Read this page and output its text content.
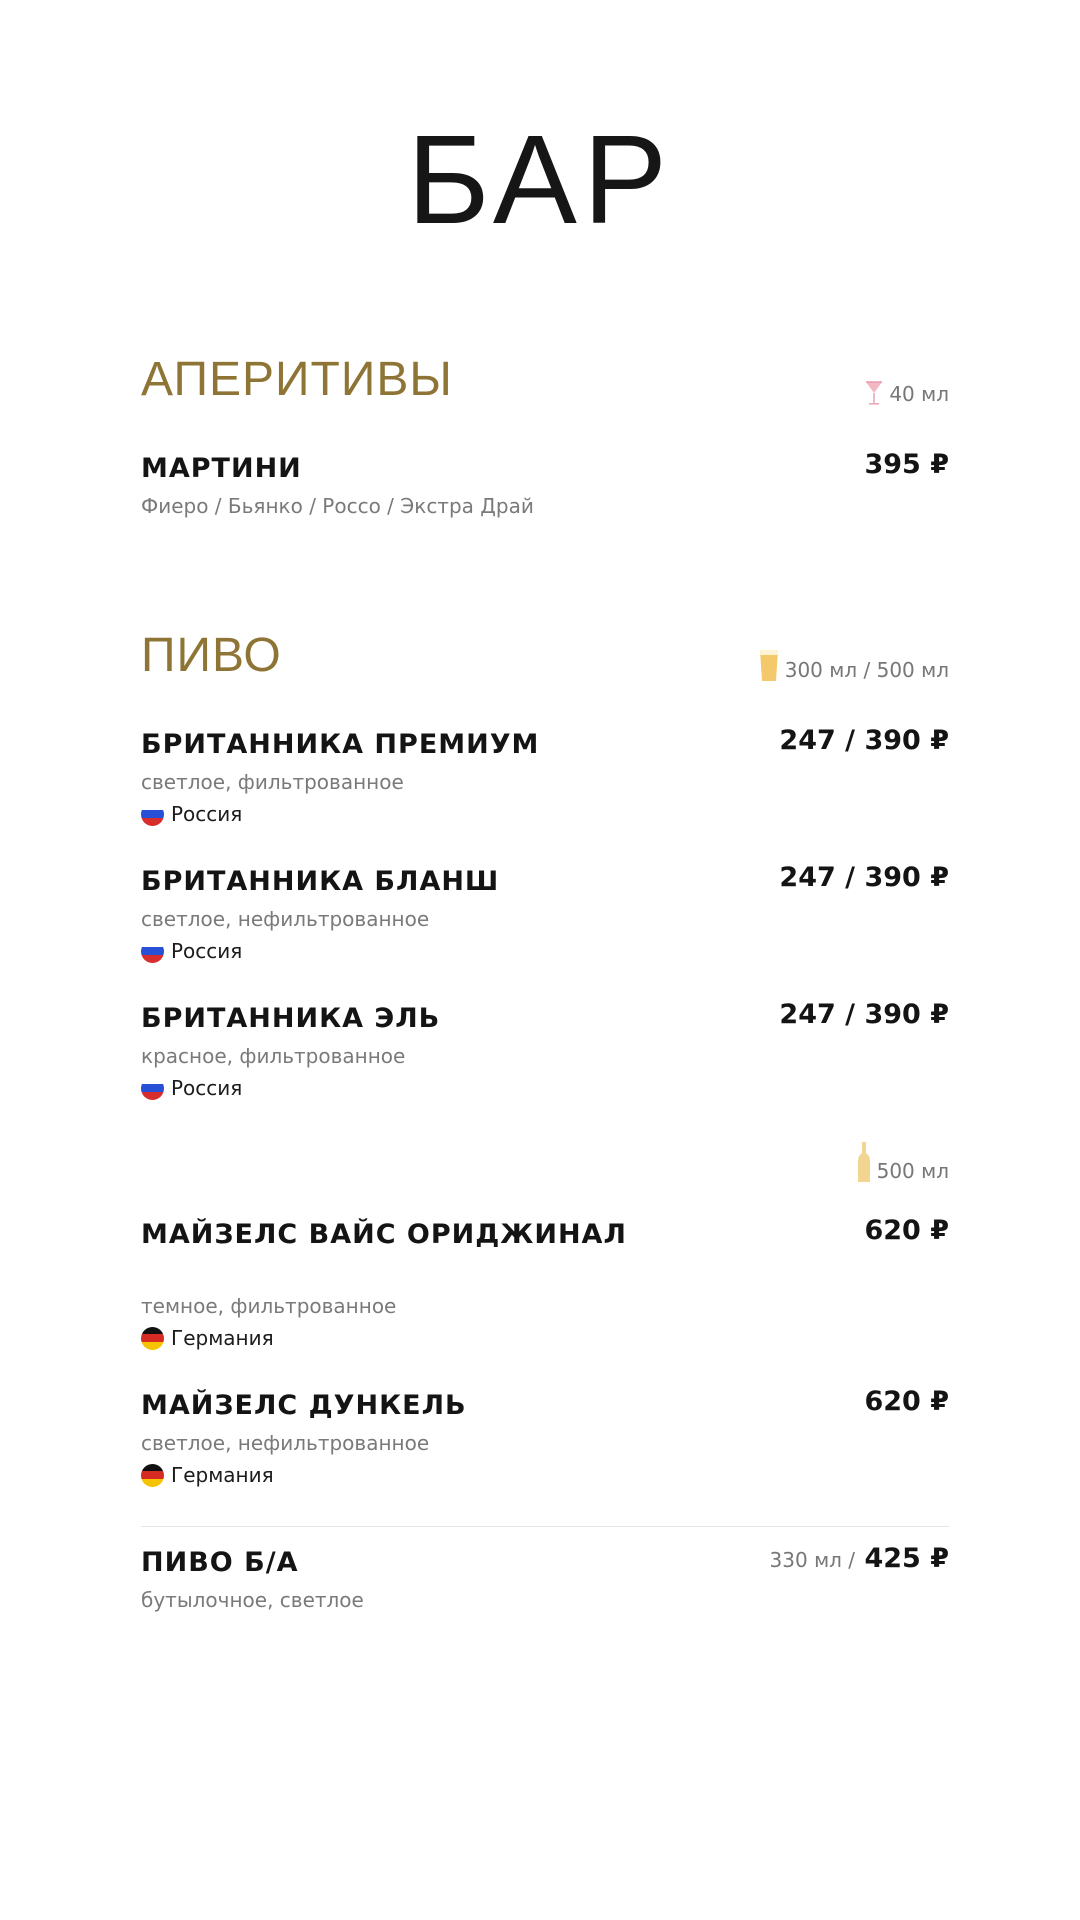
БАР
АПЕРИТИВЫ	40 мл
МАРТИНИ	395 ₽
Фиеро / Бьянко / Россо / Экстра Драй
ПИВО	300 мл / 500 мл
БРИТАННИКА ПРЕМИУМ	247 / 390 ₽
светлое, фильтрованное
Россия
БРИТАННИКА БЛАНШ	247 / 390 ₽
светлое, нефильтрованное
Россия
БРИТАННИКА ЭЛЬ	247 / 390 ₽
красное, фильтрованное
Россия
500 мл
МАЙЗЕЛС ВАЙС ОРИДЖИНАЛ	620 ₽
темное, фильтрованное
Германия
МАЙЗЕЛС ДУНКЕЛЬ	620 ₽
светлое, нефильтрованное
Германия
ПИВО Б/А	330 мл / 425 ₽
бутылочное, светлое
